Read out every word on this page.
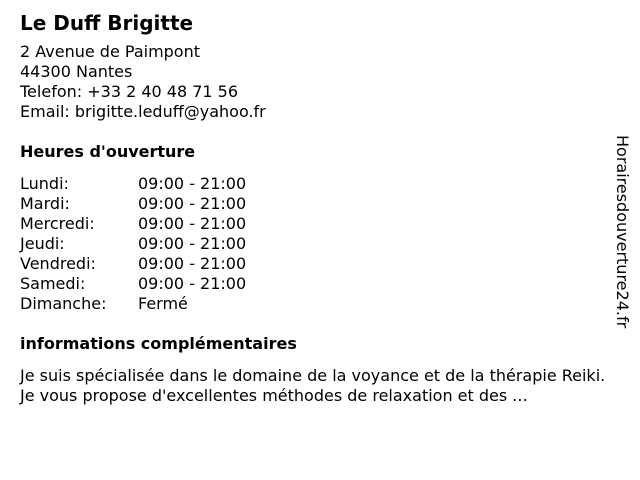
Le Duff Brigitte
2 Avenue de Paimpont
44300 Nantes
Telefon: +33 2 40 48 71 56
Email: brigitte.leduff@yahoo.fr
Heures d'ouverture
Lundi:	09:00 - 21:00
Mardi:	09:00 - 21:00
Mercredi:	09:00 - 21:00
Jeudi:	09:00 - 21:00
Vendredi:	09:00 - 21:00
Samedi:	09:00 - 21:00
Dimanche:	Fermé
informations complémentaires
Je suis spécialisée dans le domaine de la voyance et de la thérapie Reiki. Je vous propose d'excellentes méthodes de relaxation et des ...
Horairesdouverture24.fr
